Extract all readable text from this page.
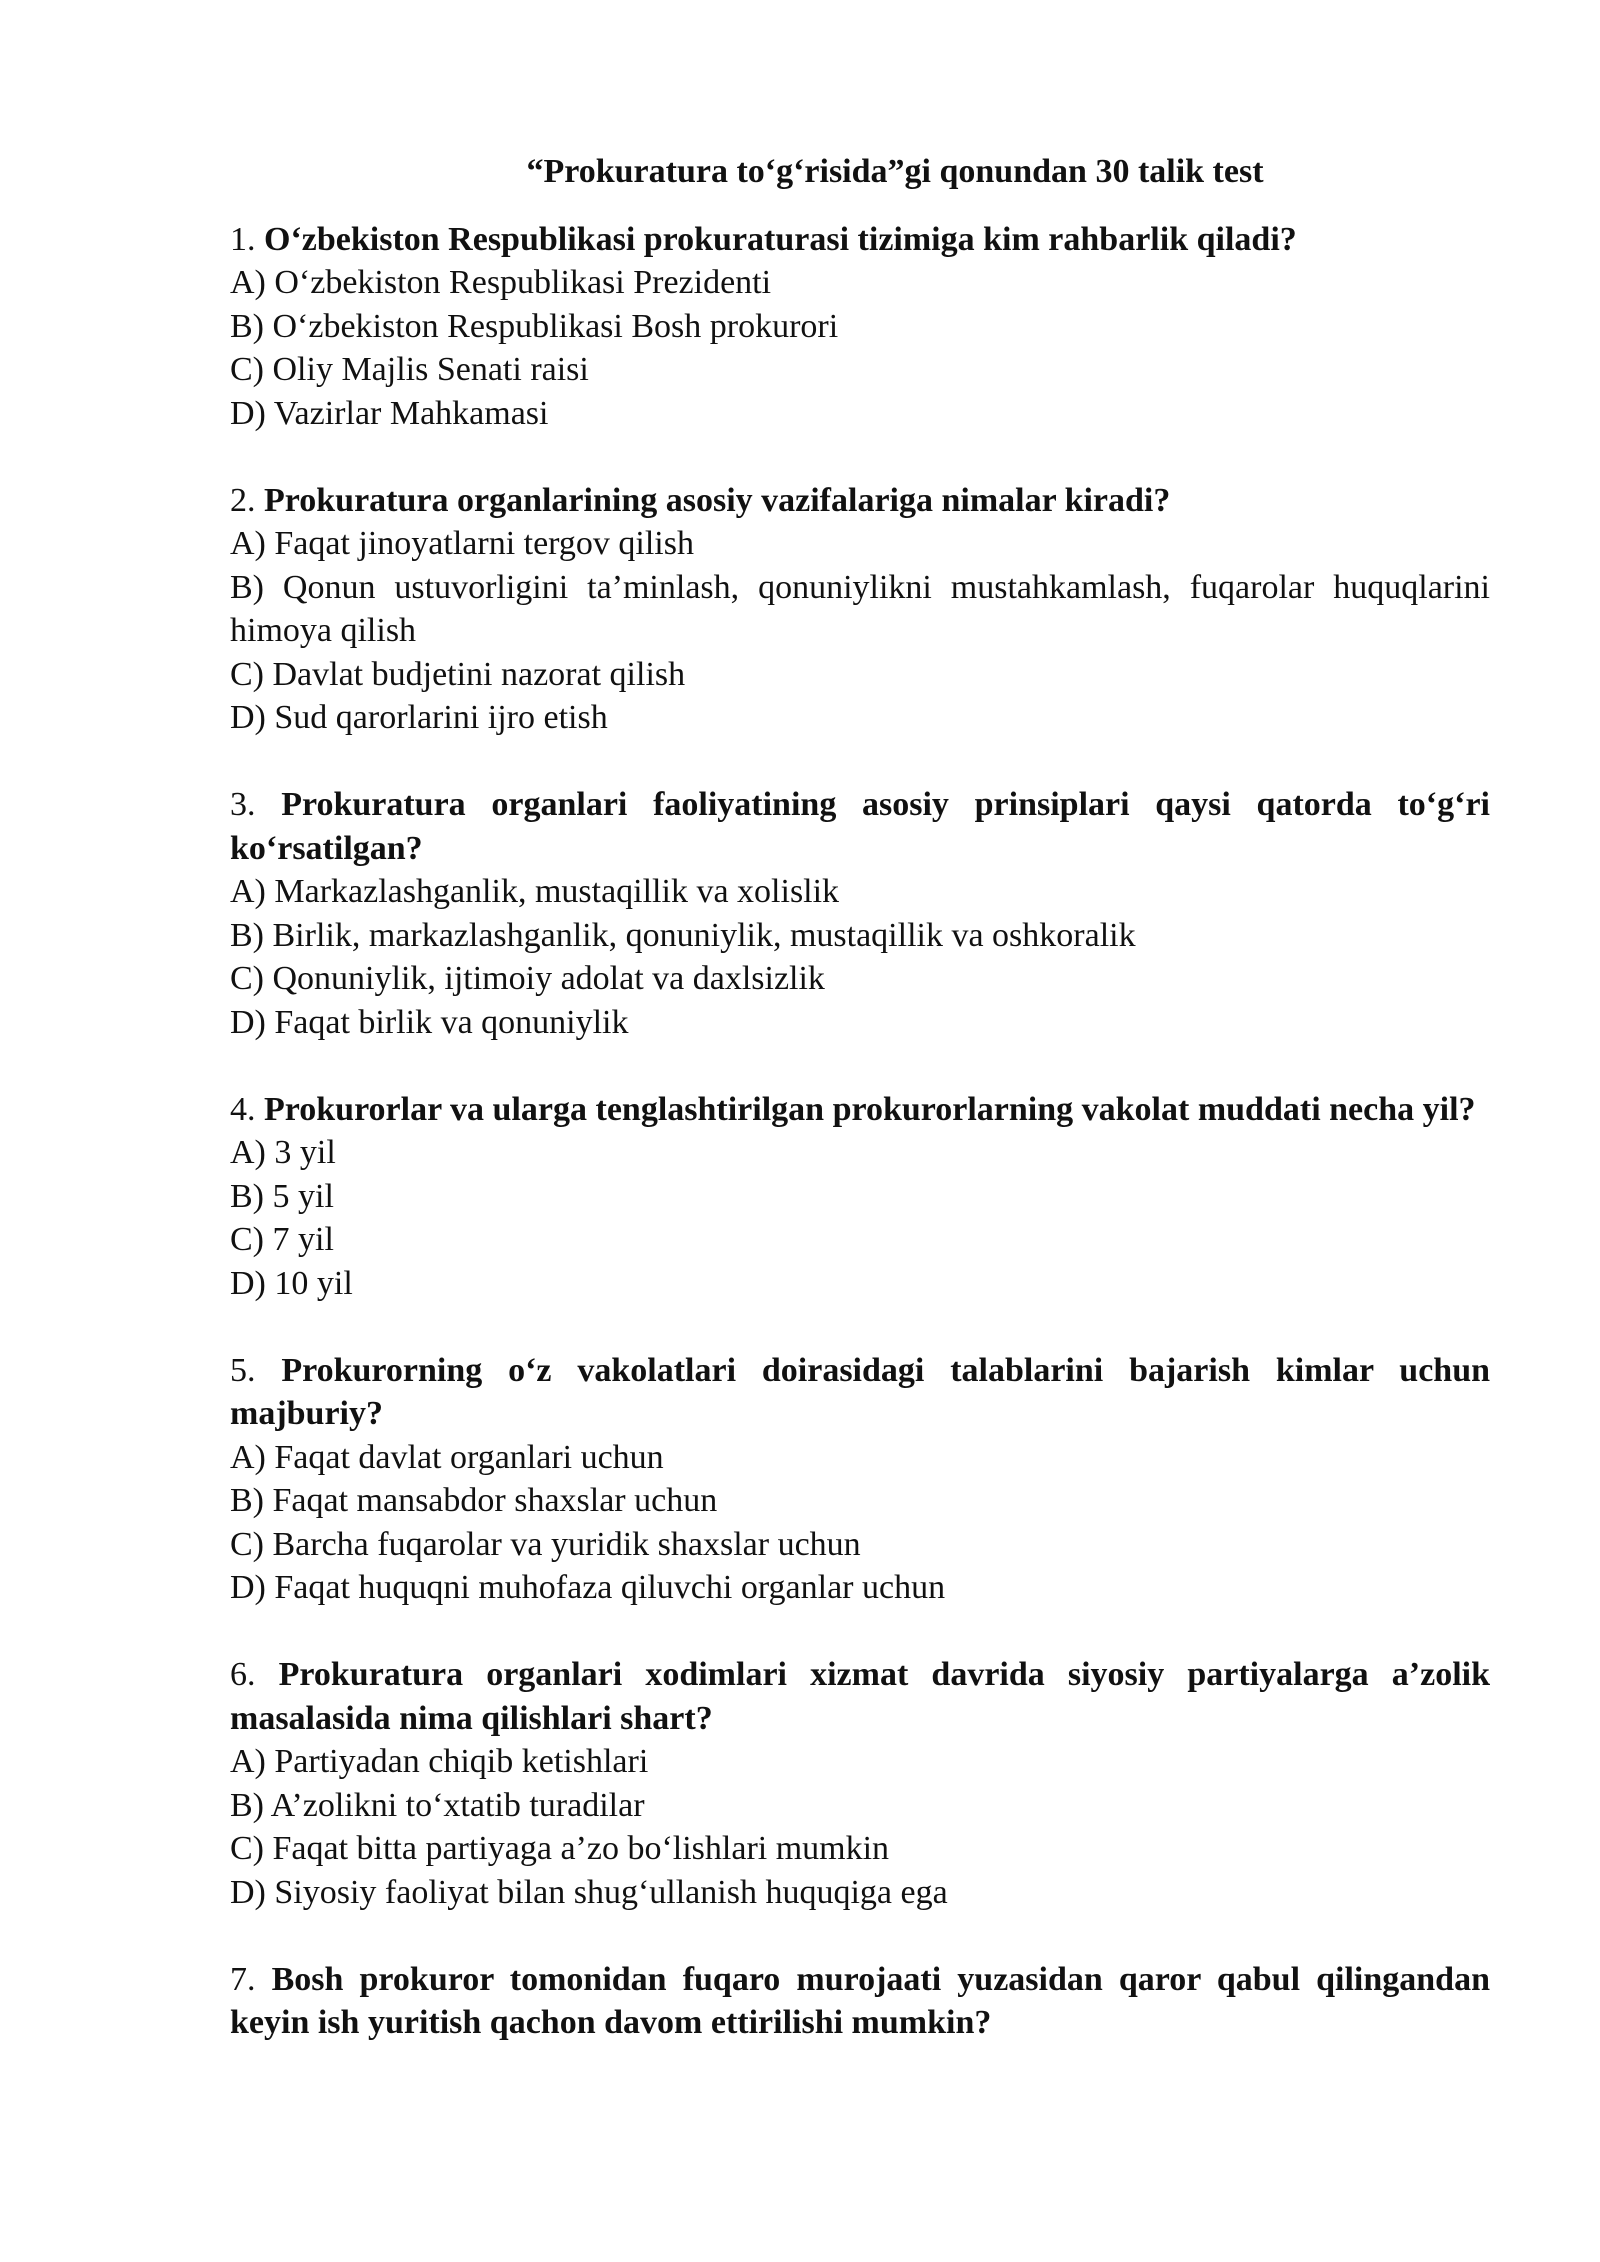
“Prokuratura to‘g‘risida”gi qonundan 30 talik test
1. O‘zbekiston Respublikasi prokuraturasi tizimiga kim rahbarlik qiladi?
A) O‘zbekiston Respublikasi Prezidenti
B) O‘zbekiston Respublikasi Bosh prokurori
C) Oliy Majlis Senati raisi
D) Vazirlar Mahkamasi
2. Prokuratura organlarining asosiy vazifalariga nimalar kiradi?
A) Faqat jinoyatlarni tergov qilish
B) Qonun ustuvorligini ta’minlash, qonuniylikni mustahkamlash, fuqarolar huquqlarini himoya qilish
C) Davlat budjetini nazorat qilish
D) Sud qarorlarini ijro etish
3. Prokuratura organlari faoliyatining asosiy prinsiplari qaysi qatorda to‘g‘ri ko‘rsatilgan?
A) Markazlashganlik, mustaqillik va xolislik
B) Birlik, markazlashganlik, qonuniylik, mustaqillik va oshkoralik
C) Qonuniylik, ijtimoiy adolat va daxlsizlik
D) Faqat birlik va qonuniylik
4. Prokurorlar va ularga tenglashtirilgan prokurorlarning vakolat muddati necha yil?
A) 3 yil
B) 5 yil
C) 7 yil
D) 10 yil
5. Prokurorning o‘z vakolatlari doirasidagi talablarini bajarish kimlar uchun majburiy?
A) Faqat davlat organlari uchun
B) Faqat mansabdor shaxslar uchun
C) Barcha fuqarolar va yuridik shaxslar uchun
D) Faqat huquqni muhofaza qiluvchi organlar uchun
6. Prokuratura organlari xodimlari xizmat davrida siyosiy partiyalarga a’zolik masalasida nima qilishlari shart?
A) Partiyadan chiqib ketishlari
B) A’zolikni to‘xtatib turadilar
C) Faqat bitta partiyaga a’zo bo‘lishlari mumkin
D) Siyosiy faoliyat bilan shug‘ullanish huquqiga ega
7. Bosh prokuror tomonidan fuqaro murojaati yuzasidan qaror qabul qilingandan keyin ish yuritish qachon davom ettirilishi mumkin?
